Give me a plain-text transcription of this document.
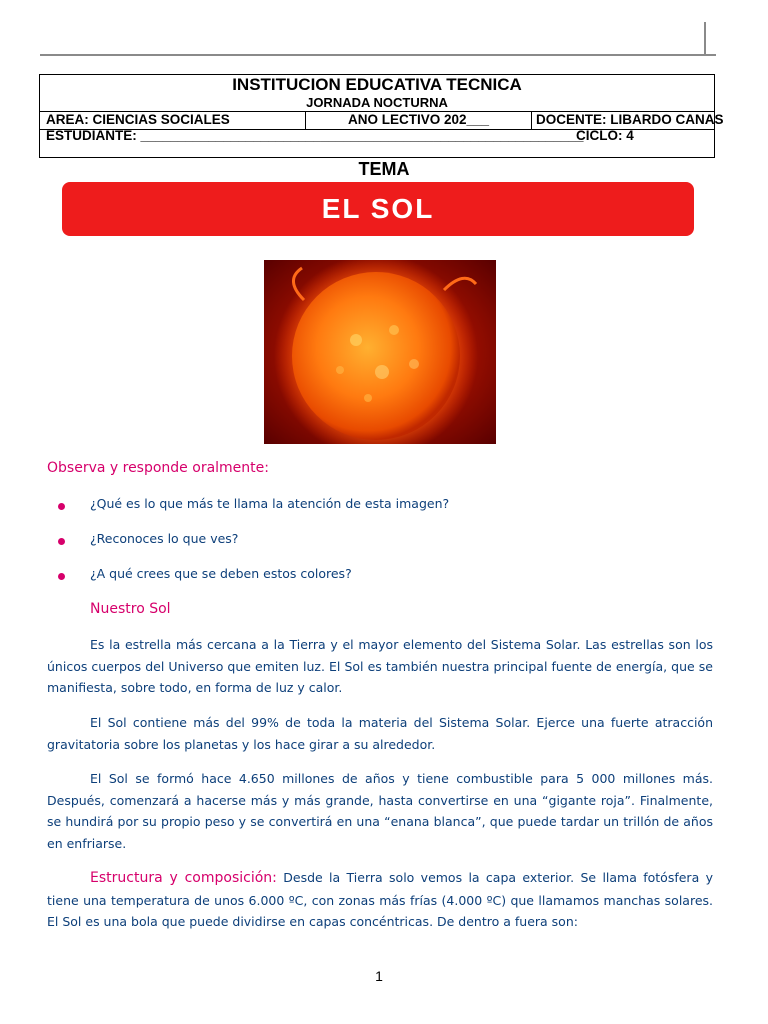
INSTITUCION EDUCATIVA TECNICA
JORNADA NOCTURNA
AREA: CIENCIAS SOCIALES	ANO LECTIVO 202___	DOCENTE: LIBARDO CANAS
ESTUDIANTE: ___________________________________________________________
CICLO: 4
TEMA
EL SOL
Observa y responde oralmente:
¿Qué es lo que más te llama la atención de esta imagen?
¿Reconoces lo que ves?
¿A qué crees que se deben estos colores?
Nuestro Sol
Es la estrella más cercana a la Tierra y el mayor elemento del Sistema Solar. Las estrellas son los únicos cuerpos del Universo que emiten luz. El Sol es también nuestra principal fuente de energía, que se manifiesta, sobre todo, en forma de luz y calor.
El Sol contiene más del 99% de toda la materia del Sistema Solar. Ejerce una fuerte atracción gravitatoria sobre los planetas y los hace girar a su alrededor.
El Sol se formó hace 4.650 millones de años y tiene combustible para 5 000 millones más. Después, comenzará a hacerse más y más grande, hasta convertirse en una “gigante roja”. Finalmente, se hundirá por su propio peso y se convertirá en una “enana blanca”, que puede tardar un trillón de años en enfriarse.
Estructura y composición: Desde la Tierra solo vemos la capa exterior. Se llama fotósfera y tiene una temperatura de unos 6.000 ºC, con zonas más frías (4.000 ºC) que llamamos manchas solares. El Sol es una bola que puede dividirse en capas concéntricas. De dentro a fuera son:
1
